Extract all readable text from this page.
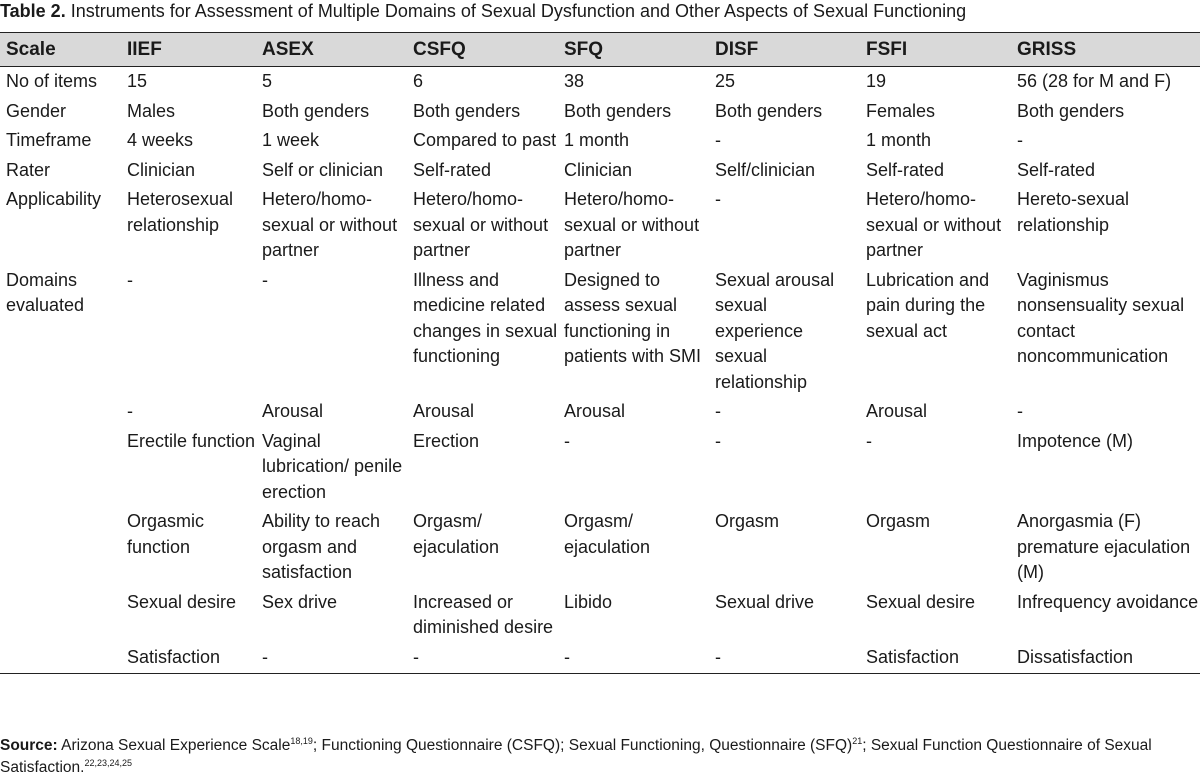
Table 2. Instruments for Assessment of Multiple Domains of Sexual Dysfunction and Other Aspects of Sexual Functioning
Scale	IIEF	ASEX	CSFQ	SFQ	DISF	FSFI	GRISS
No of items	15	5	6	38	25	19	56 (28 for M and F)
Gender	Males	Both genders	Both genders	Both genders	Both genders	Females	Both genders
Timeframe	4 weeks	1 week	Compared to past	1 month	-	1 month	-
Rater	Clinician	Self or clinician	Self-rated	Clinician	Self/clinician	Self-rated	Self-rated
Applicability	Heterosexual relationship	Hetero/homo-sexual or without partner	Hetero/homo-sexual or without partner	Hetero/homo-sexual or without partner	-	Hetero/homo-sexual or without partner	Hereto-sexual relationship
Domains evaluated	-	-	Illness and medicine related changes in sexual functioning	Designed to assess sexual functioning in patients with SMI	Sexual arousal sexual experience sexual relationship	Lubrication and pain during the sexual act	Vaginismus nonsensuality sexual contact noncommunication
	-	Arousal	Arousal	Arousal	-	Arousal	-
	Erectile function	Vaginal lubrication/ penile erection	Erection	-	-	-	Impotence (M)
	Orgasmic function	Ability to reach orgasm and satisfaction	Orgasm/ ejaculation	Orgasm/ ejaculation	Orgasm	Orgasm	Anorgasmia (F) premature ejaculation (M)
	Sexual desire	Sex drive	Increased or diminished desire	Libido	Sexual drive	Sexual desire	Infrequency avoidance
	Satisfaction	-	-	-	-	Satisfaction	Dissatisfaction
Source: Arizona Sexual Experience Scale$^{18,19}$; Functioning Questionnaire (CSFQ); Sexual Functioning, Questionnaire (SFQ)$^{21}$; Sexual Function Questionnaire of Sexual Satisfaction.$^{22,23,24,25}$
